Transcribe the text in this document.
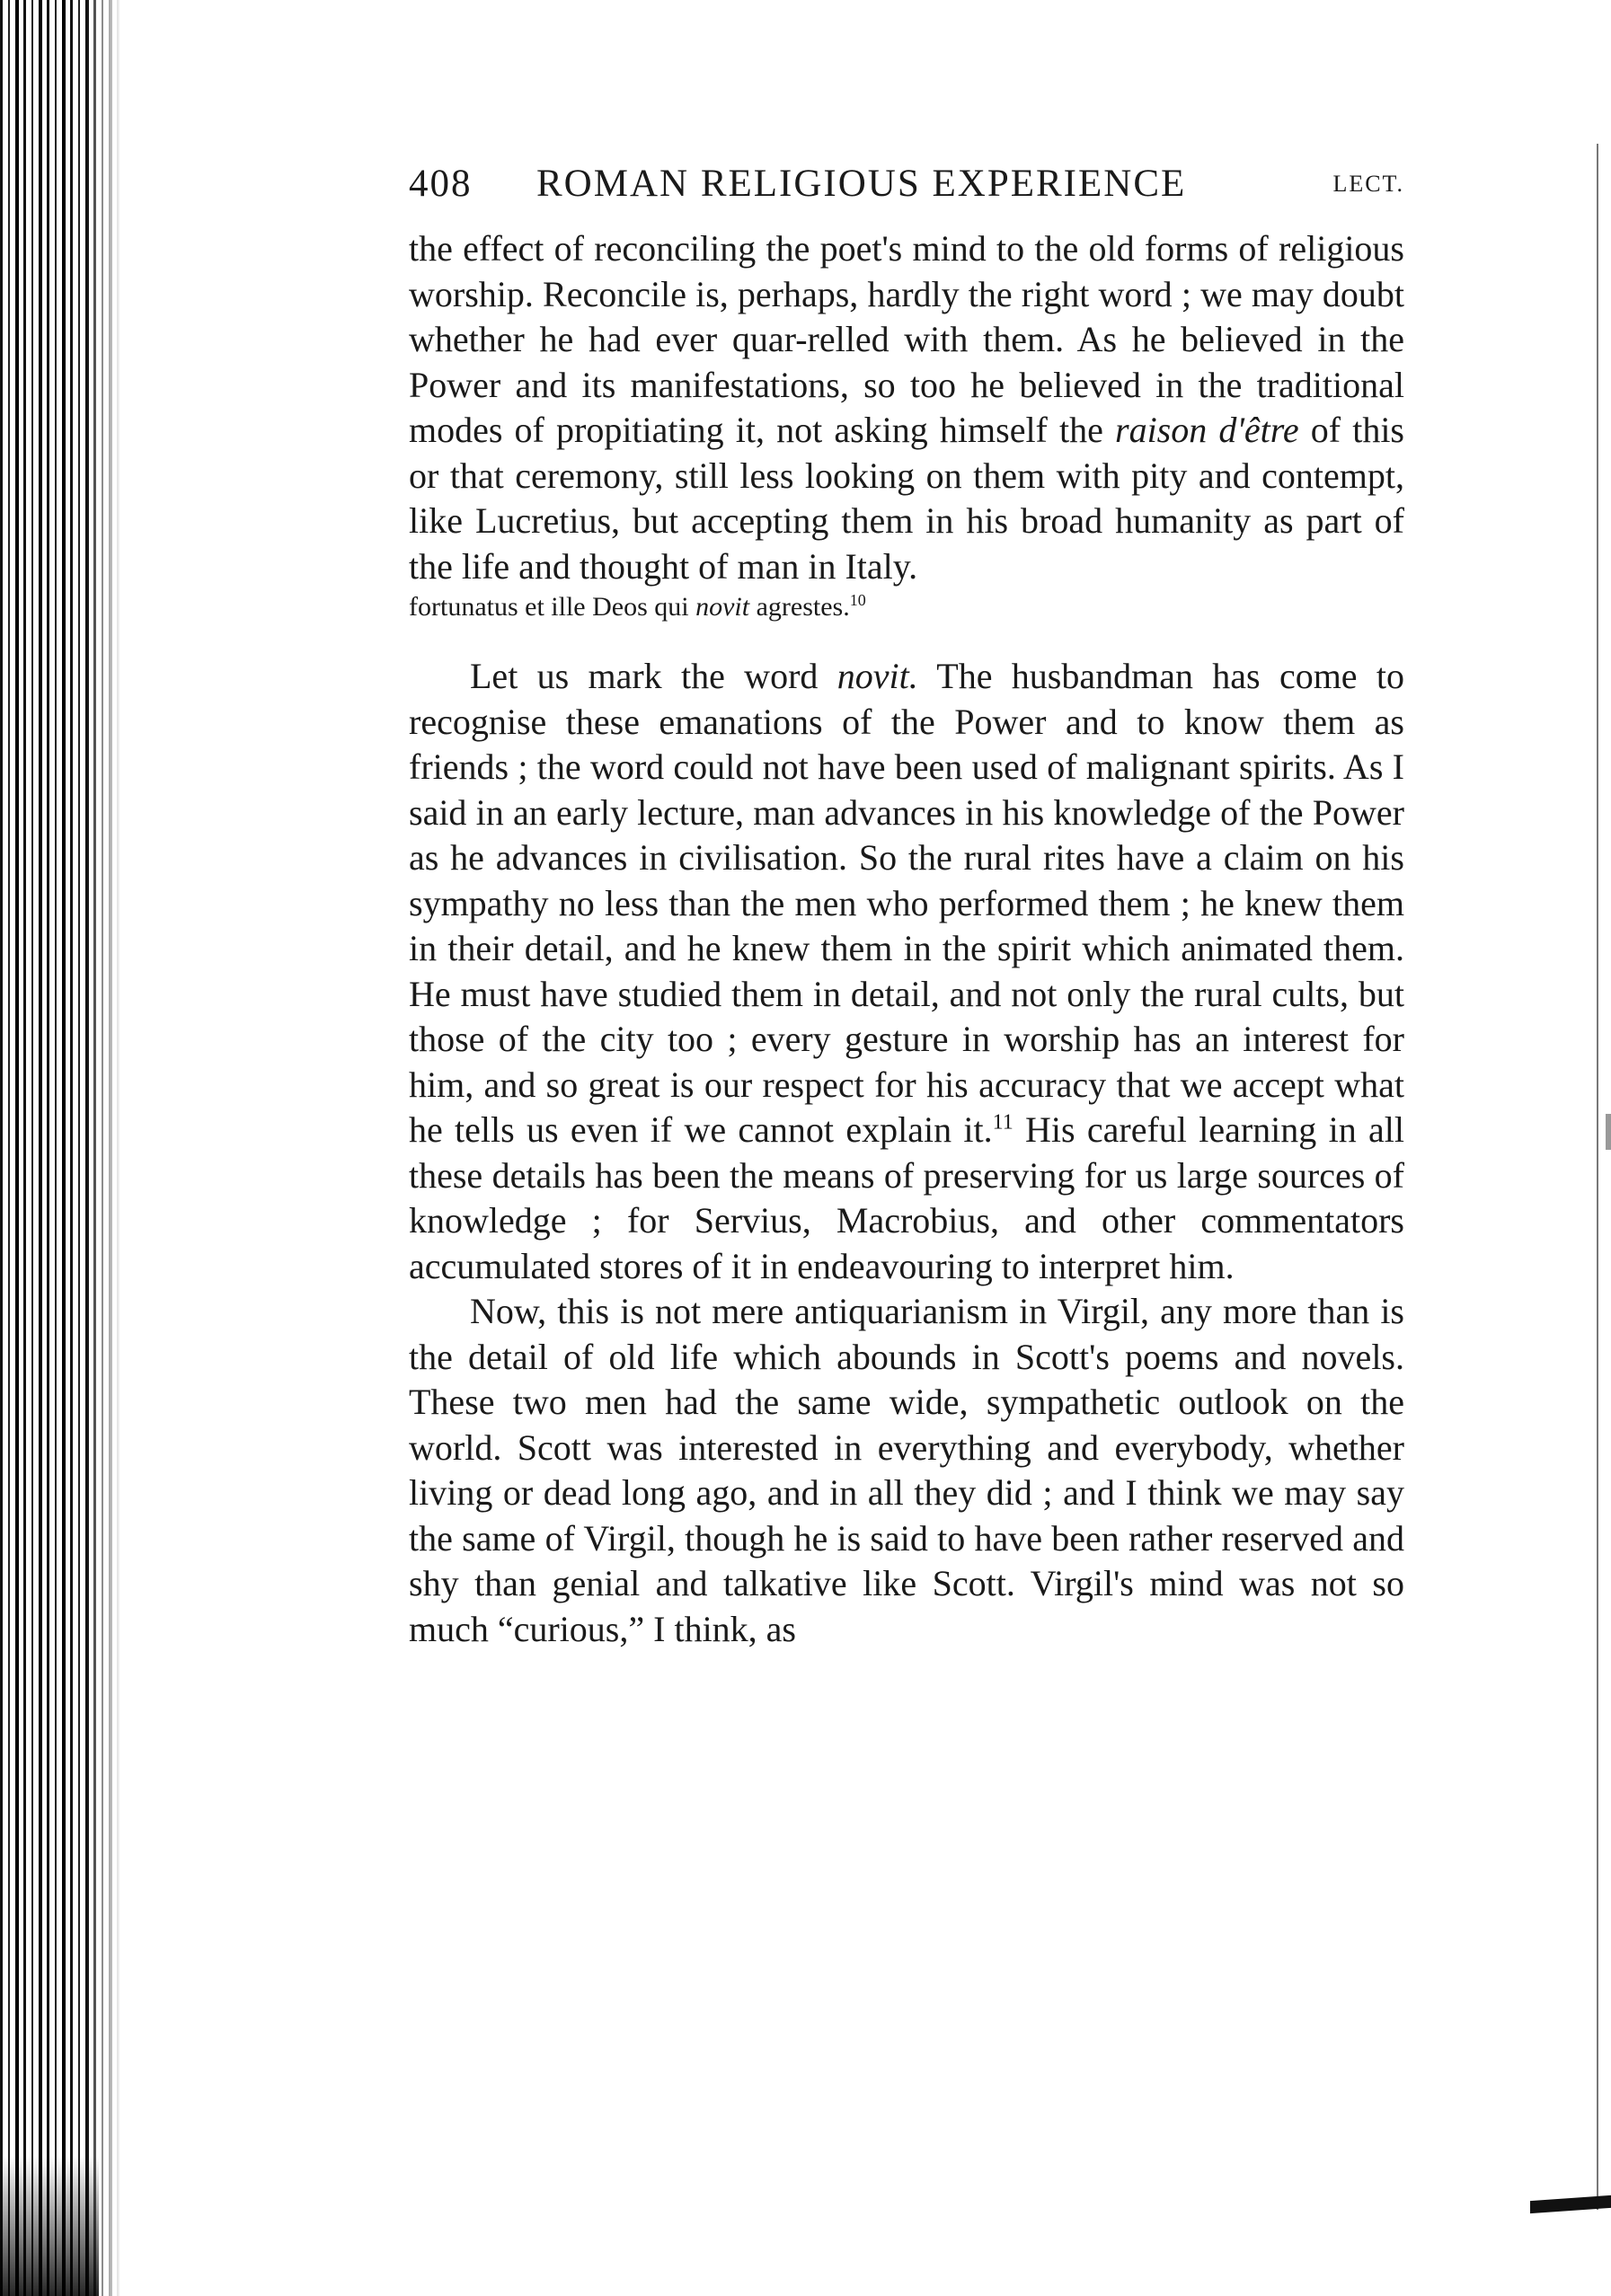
408 ROMAN RELIGIOUS EXPERIENCE	LECT.

the effect of reconciling the poet's mind to the old forms of religious worship. Reconcile is, perhaps, hardly the right word ; we may doubt whether he had ever quar-relled with them. As he believed in the Power and its manifestations, so too he believed in the traditional modes of propitiating it, not asking himself the raison d'être of this or that ceremony, still less looking on them with pity and contempt, like Lucretius, but accepting them in his broad humanity as part of the life and thought of man in Italy.

fortunatus et ille Deos qui novit agrestes.$^{10}$

Let us mark the word novit. The husbandman has come to recognise these emanations of the Power and to know them as friends ; the word could not have been used of malignant spirits. As I said in an early lecture, man advances in his knowledge of the Power as he advances in civilisation. So the rural rites have a claim on his sympathy no less than the men who performed them ; he knew them in their detail, and he knew them in the spirit which animated them. He must have studied them in detail, and not only the rural cults, but those of the city too ; every gesture in worship has an interest for him, and so great is our respect for his accuracy that we accept what he tells us even if we cannot explain it.$^{11}$ His careful learning in all these details has been the means of preserving for us large sources of knowledge ; for Servius, Macrobius, and other commentators accumulated stores of it in endeavouring to interpret him.

Now, this is not mere antiquarianism in Virgil, any more than is the detail of old life which abounds in Scott's poems and novels. These two men had the same wide, sympathetic outlook on the world. Scott was interested in everything and everybody, whether living or dead long ago, and in all they did ; and I think we may say the same of Virgil, though he is said to have been rather reserved and shy than genial and talkative like Scott. Virgil's mind was not so much “curious,” I think, as
